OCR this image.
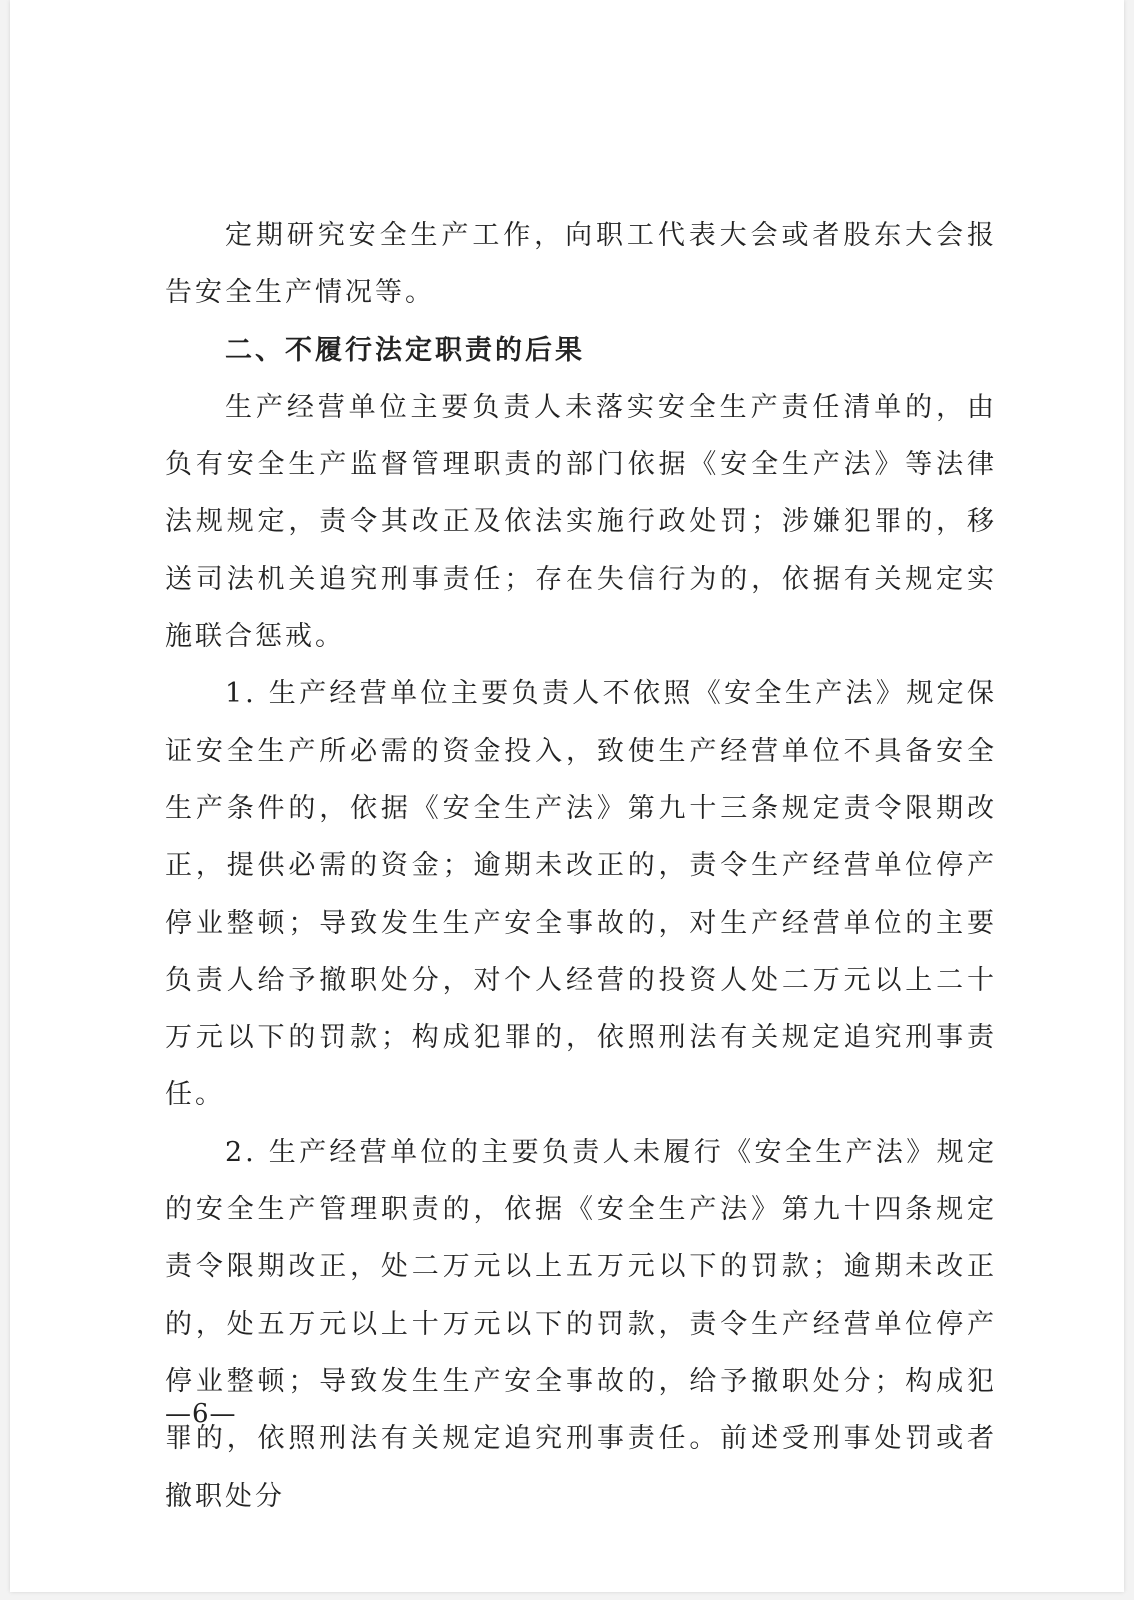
定期研究安全生产工作，向职工代表大会或者股东大会报告安全生产情况等。

二、不履行法定职责的后果

生产经营单位主要负责人未落实安全生产责任清单的，由负有安全生产监督管理职责的部门依据《安全生产法》等法律法规规定，责令其改正及依法实施行政处罚；涉嫌犯罪的，移送司法机关追究刑事责任；存在失信行为的，依据有关规定实施联合惩戒。

1. 生产经营单位主要负责人不依照《安全生产法》规定保证安全生产所必需的资金投入，致使生产经营单位不具备安全生产条件的，依据《安全生产法》第九十三条规定责令限期改正，提供必需的资金；逾期未改正的，责令生产经营单位停产停业整顿；导致发生生产安全事故的，对生产经营单位的主要负责人给予撤职处分，对个人经营的投资人处二万元以上二十万元以下的罚款；构成犯罪的，依照刑法有关规定追究刑事责任。

2. 生产经营单位的主要负责人未履行《安全生产法》规定的安全生产管理职责的，依据《安全生产法》第九十四条规定责令限期改正，处二万元以上五万元以下的罚款；逾期未改正的，处五万元以上十万元以下的罚款，责令生产经营单位停产停业整顿；导致发生生产安全事故的，给予撤职处分；构成犯罪的，依照刑法有关规定追究刑事责任。前述受刑事处罚或者撤职处分

—6—
